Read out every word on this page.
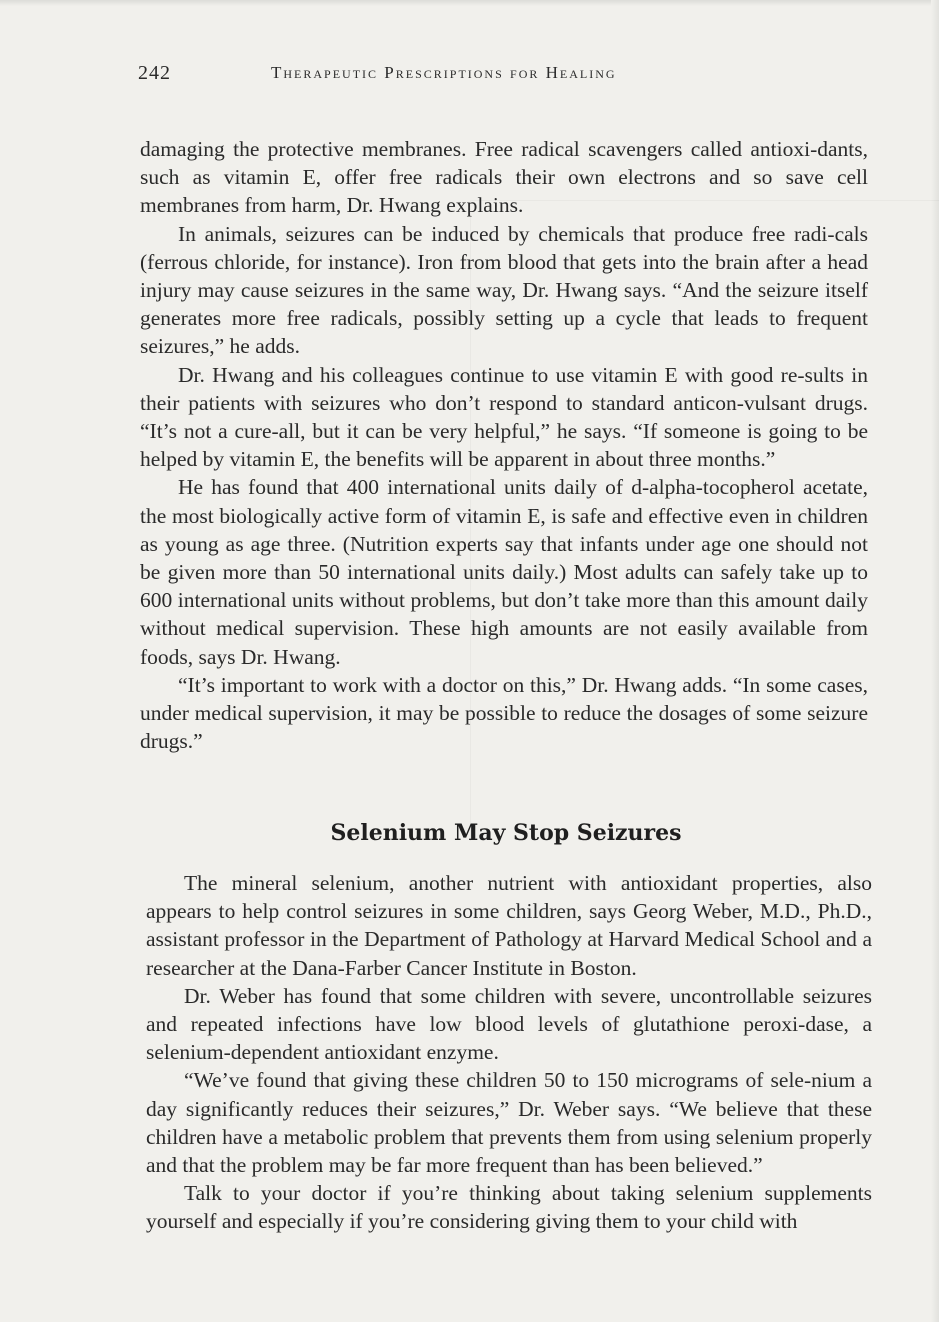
242	Therapeutic Prescriptions for Healing

damaging the protective membranes. Free radical scavengers called antioxi-dants, such as vitamin E, offer free radicals their own electrons and so save cell membranes from harm, Dr. Hwang explains.

In animals, seizures can be induced by chemicals that produce free radi-cals (ferrous chloride, for instance). Iron from blood that gets into the brain after a head injury may cause seizures in the same way, Dr. Hwang says. “And the seizure itself generates more free radicals, possibly setting up a cycle that leads to frequent seizures,” he adds.

Dr. Hwang and his colleagues continue to use vitamin E with good re-sults in their patients with seizures who don’t respond to standard anticon-vulsant drugs. “It’s not a cure-all, but it can be very helpful,” he says. “If someone is going to be helped by vitamin E, the benefits will be apparent in about three months.”

He has found that 400 international units daily of d-alpha-tocopherol acetate, the most biologically active form of vitamin E, is safe and effective even in children as young as age three. (Nutrition experts say that infants under age one should not be given more than 50 international units daily.) Most adults can safely take up to 600 international units without problems, but don’t take more than this amount daily without medical supervision. These high amounts are not easily available from foods, says Dr. Hwang.

“It’s important to work with a doctor on this,” Dr. Hwang adds. “In some cases, under medical supervision, it may be possible to reduce the dosages of some seizure drugs.”

Selenium May Stop Seizures

The mineral selenium, another nutrient with antioxidant properties, also appears to help control seizures in some children, says Georg Weber, M.D., Ph.D., assistant professor in the Department of Pathology at Harvard Medical School and a researcher at the Dana-Farber Cancer Institute in Boston.

Dr. Weber has found that some children with severe, uncontrollable seizures and repeated infections have low blood levels of glutathione peroxi-dase, a selenium-dependent antioxidant enzyme.

“We’ve found that giving these children 50 to 150 micrograms of sele-nium a day significantly reduces their seizures,” Dr. Weber says. “We believe that these children have a metabolic problem that prevents them from using selenium properly and that the problem may be far more frequent than has been believed.”

Talk to your doctor if you’re thinking about taking selenium supplements yourself and especially if you’re considering giving them to your child with
